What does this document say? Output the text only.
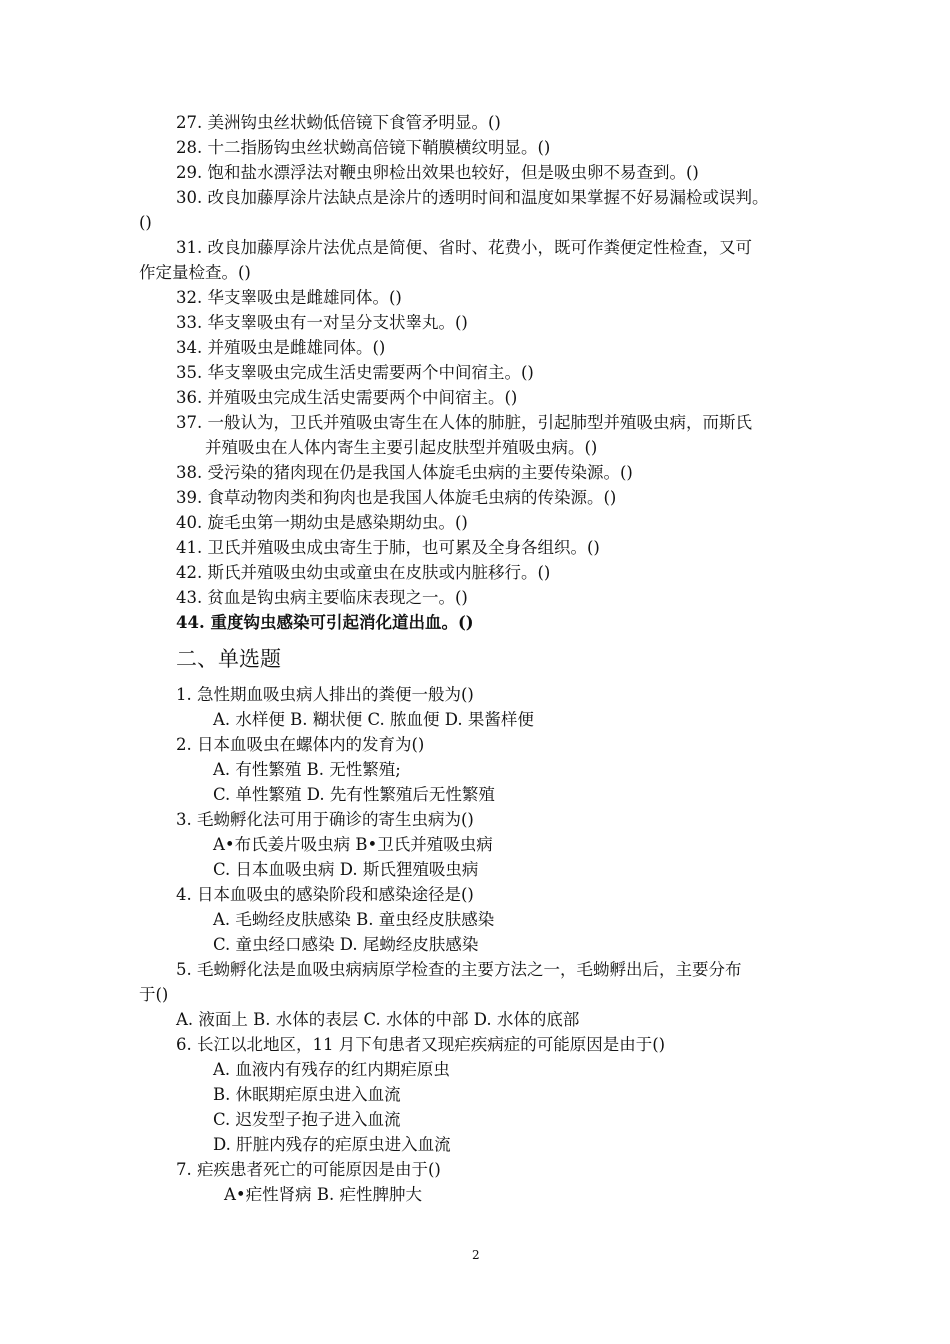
27. 美洲钩虫丝状蚴低倍镜下食管矛明显。()
28. 十二指肠钩虫丝状蚴高倍镜下鞘膜横纹明显。()
29. 饱和盐水漂浮法对鞭虫卵检出效果也较好，但是吸虫卵不易查到。()
30. 改良加藤厚涂片法缺点是涂片的透明时间和温度如果掌握不好易漏检或误判。
()
31. 改良加藤厚涂片法优点是简便、省时、花费小，既可作粪便定性检查，又可
作定量检查。()
32. 华支睾吸虫是雌雄同体。()
33. 华支睾吸虫有一对呈分支状睾丸。()
34. 并殖吸虫是雌雄同体。()
35. 华支睾吸虫完成生活史需要两个中间宿主。()
36. 并殖吸虫完成生活史需要两个中间宿主。()
37. 一般认为，卫氏并殖吸虫寄生在人体的肺脏，引起肺型并殖吸虫病，而斯氏
并殖吸虫在人体内寄生主要引起皮肤型并殖吸虫病。()
38. 受污染的猪肉现在仍是我国人体旋毛虫病的主要传染源。()
39. 食草动物肉类和狗肉也是我国人体旋毛虫病的传染源。()
40. 旋毛虫第一期幼虫是感染期幼虫。()
41. 卫氏并殖吸虫成虫寄生于肺，也可累及全身各组织。()
42. 斯氏并殖吸虫幼虫或童虫在皮肤或内脏移行。()
43. 贫血是钩虫病主要临床表现之一。()
44. 重度钩虫感染可引起消化道出血。()
二、单选题
1. 急性期血吸虫病人排出的粪便一般为()
A. 水样便 B. 糊状便 C. 脓血便 D. 果酱样便
2. 日本血吸虫在螺体内的发育为()
A. 有性繁殖 B. 无性繁殖;
C. 单性繁殖 D. 先有性繁殖后无性繁殖
3. 毛蚴孵化法可用于确诊的寄生虫病为()
A•布氏姜片吸虫病 B•卫氏并殖吸虫病
C. 日本血吸虫病 D. 斯氏狸殖吸虫病
4. 日本血吸虫的感染阶段和感染途径是()
A. 毛蚴经皮肤感染 B. 童虫经皮肤感染
C. 童虫经口感染 D. 尾蚴经皮肤感染
5. 毛蚴孵化法是血吸虫病病原学检查的主要方法之一，毛蚴孵出后，主要分布
于()
A. 液面上 B. 水体的表层 C. 水体的中部 D. 水体的底部
6. 长江以北地区，11 月下旬患者又现疟疾病症的可能原因是由于()
A. 血液内有残存的红内期疟原虫
B. 休眠期疟原虫进入血流
C. 迟发型子抱子进入血流
D. 肝脏内残存的疟原虫进入血流
7. 疟疾患者死亡的可能原因是由于()
A•疟性肾病 B. 疟性脾肿大
2
